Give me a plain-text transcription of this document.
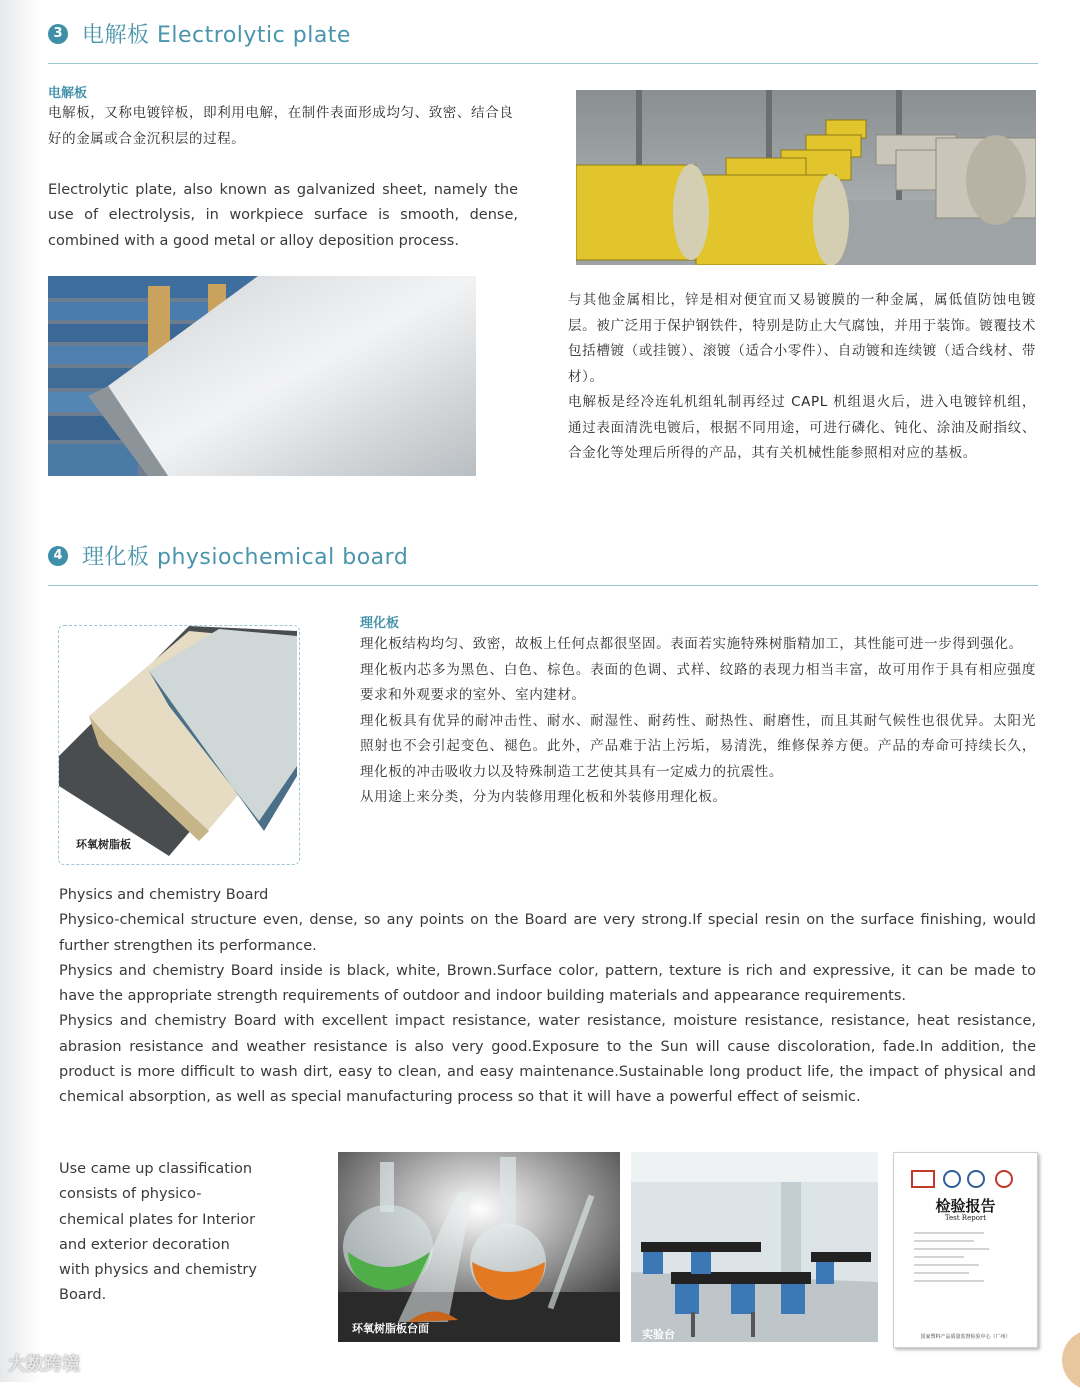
3 电解板 Electrolytic plate
电解板
电解板，又称电镀锌板，即利用电解，在制件表面形成均匀、致密、结合良好的金属或合金沉积层的过程。
Electrolytic plate, also known as galvanized sheet, namely the use of electrolysis, in workpiece surface is smooth, dense, combined with a good metal or alloy deposition process.
与其他金属相比，锌是相对便宜而又易镀膜的一种金属，属低值防蚀电镀层。被广泛用于保护钢铁件，特别是防止大气腐蚀，并用于装饰。镀覆技术包括槽镀（或挂镀）、滚镀（适合小零件）、自动镀和连续镀（适合线材、带材）。
电解板是经冷连轧机组轧制再经过 CAPL 机组退火后，进入电镀锌机组，通过表面清洗电镀后，根据不同用途，可进行磷化、钝化、涂油及耐指纹、合金化等处理后所得的产品，其有关机械性能参照相对应的基板。
4 理化板 physiochemical board
环氧树脂板
理化板

理化板结构均匀、致密，故板上任何点都很坚固。表面若实施特殊树脂精加工，其性能可进一步得到强化。

理化板内芯多为黑色、白色、棕色。表面的色调、式样、纹路的表现力相当丰富，故可用作于具有相应强度要求和外观要求的室外、室内建材。

理化板具有优异的耐冲击性、耐水、耐湿性、耐药性、耐热性、耐磨性，而且其耐气候性也很优异。太阳光照射也不会引起变色、褪色。此外，产品难于沾上污垢，易清洗，维修保养方便。产品的寿命可持续长久，理化板的冲击吸收力以及特殊制造工艺使其具有一定威力的抗震性。

从用途上来分类，分为内装修用理化板和外装修用理化板。

Physics and chemistry Board

Physico-chemical structure even, dense, so any points on the Board are very strong.If special resin on the surface finishing, would further strengthen its performance.

Physics and chemistry Board inside is black, white, Brown.Surface color, pattern, texture is rich and expressive, it can be made to have the appropriate strength requirements of outdoor and indoor building materials and appearance requirements.

Physics and chemistry Board with excellent impact resistance, water resistance, moisture resistance, resistance, heat resistance, abrasion resistance and weather resistance is also very good.Exposure to the Sun will cause discoloration, fade.In addition, the product is more difficult to wash dirt, easy to clean, and easy maintenance.Sustainable long product life, the impact of physical and chemical absorption, as well as special manufacturing process so that it will have a powerful effect of seismic.

Use came up classification consists of physico-chemical plates for Interior and exterior decoration with physics and chemistry Board.
环氧树脂板台面	实验台
检验报告
Test Report
国家塑料产品质量监督检验中心（广州）
大数跨境
